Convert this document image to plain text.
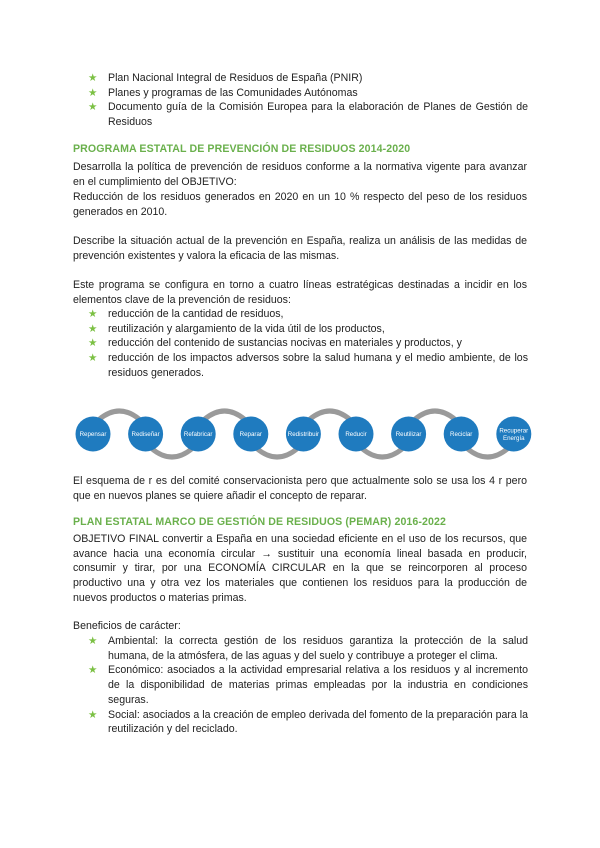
★ Plan Nacional Integral de Residuos de España (PNIR)
★ Planes y programas de las Comunidades Autónomas
★ Documento guía de la Comisión Europea para la elaboración de Planes de Gestión de Residuos
PROGRAMA ESTATAL DE PREVENCIÓN DE RESIDUOS 2014-2020

Desarrolla la política de prevención de residuos conforme a la normativa vigente para avanzar en el cumplimiento del OBJETIVO:

Reducción de los residuos generados en 2020 en un 10 % respecto del peso de los residuos generados en 2010.

Describe la situación actual de la prevención en España, realiza un análisis de las medidas de prevención existentes y valora la eficacia de las mismas.

Este programa se configura en torno a cuatro líneas estratégicas destinadas a incidir en los elementos clave de la prevención de residuos:

★ reducción de la cantidad de residuos,
★ reutilización y alargamiento de la vida útil de los productos,
★ reducción del contenido de sustancias nocivas en materiales y productos, y
★ reducción de los impactos adversos sobre la salud humana y el medio ambiente, de los residuos generados.
Repensar	Rediseñar	Refabricar	Reparar	Redistribuir	Reducir	Reutilizar	Reciclar
Recuperar
Energía

El esquema de r es del comité conservacionista pero que actualmente solo se usa los 4 r pero que en nuevos planes se quiere añadir el concepto de reparar.

PLAN ESTATAL MARCO DE GESTIÓN DE RESIDUOS (PEMAR) 2016-2022

OBJETIVO FINAL convertir a España en una sociedad eficiente en el uso de los recursos, que avance hacia una economía circular → sustituir una economía lineal basada en producir, consumir y tirar, por una ECONOMÍA CIRCULAR en la que se reincorporen al proceso productivo una y otra vez los materiales que contienen los residuos para la producción de nuevos productos o materias primas.

Beneficios de carácter:

★ Ambiental: la correcta gestión de los residuos garantiza la protección de la salud humana, de la atmósfera, de las aguas y del suelo y contribuye a proteger el clima.
★ Económico: asociados a la actividad empresarial relativa a los residuos y al incremento de la disponibilidad de materias primas empleadas por la industria en condiciones seguras.
★ Social: asociados a la creación de empleo derivada del fomento de la preparación para la reutilización y del reciclado.
